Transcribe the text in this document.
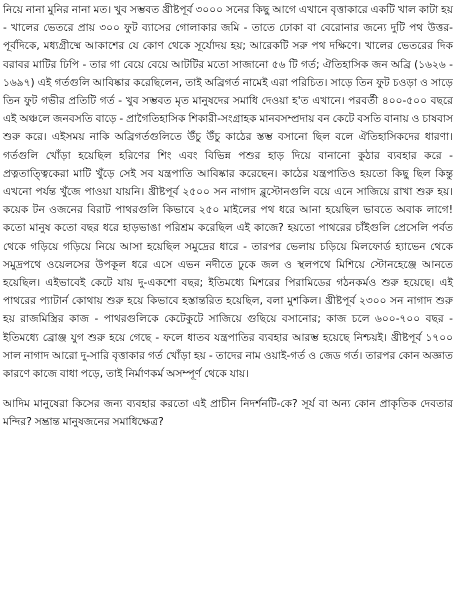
নিয়ে নানা মুনির নানা মত। খুব সম্ভবত খ্রীষ্টপূর্ব ৩০০০ সনের কিছু আগে এখানে বৃত্তাকারে একটি খাল কাটা হয় - খালের ভেতরে প্রায় ৩০০ ফুট ব্যাসের গোলাকার জমি - তাতে ঢোকা বা বেরোনার জন্যে দুটি পথ উত্তর-পূর্বদিকে, মধ্যগ্রীষ্মে আকাশের যে কোণ থেকে সূর্যোদয় হয়; আরেকটি সরু পথ দক্ষিণে। খালের ভেতরের দিক বরাবর মাটির ঢিপি - তার গা বেয়ে বেয়ে আটটির মতো সাজানো ৫৬ টি গর্ত; ঐতিহাসিক জন অব্রি (১৬২৬ - ১৬৯৭) এই গর্তগুলি আবিষ্কার করেছিলেন, তাই অব্রিগর্ত নামেই এরা পরিচিত। সাড়ে তিন ফুট চওড়া ও সাড়ে তিন ফুট গভীর প্রতিটি গর্ত - খুব সম্ভবত মৃত মানুষদের সমাধি দেওয়া হ'ত এখানে। পরবর্তী ৪০০-৫০০ বছরে এই অঞ্চলে জনবসতি বাড়ে - প্রাগৈতিহাসিক শিকারী-সংগ্রাহক মানবসম্প্রদায় বন কেটে বসতি বানায় ও চাষবাস শুরু করে। এইসময় নাকি অব্রিগর্তগুলিতে উঁচু উঁচু কাঠের স্তম্ভ বসানো ছিল বলে ঐতিহাসিকদের ধারণা। গর্তগুলি খোঁড়া হয়েছিল হরিণের শিং এবং বিভিন্ন পশুর হাড় দিয়ে বানানো কুঠার ব্যবহার করে - প্রত্নতাত্ত্বিকেরা মাটি খুঁড়ে সেই সব যন্ত্রপাতি আবিষ্কার করেছেন। কাঠের যন্ত্রপাতিও হয়তো কিছু ছিল কিন্তু এখনো পর্যন্ত খুঁজে পাওয়া যায়নি। খ্রীষ্টপূর্ব ২৫০০ সন নাগাদ ব্লুস্টোনগুলি বয়ে এনে সাজিয়ে রাখা শুরু হয়। কয়েক টন ওজনের বিরাট পাথরগুলি কিভাবে ২৫০ মাইলের পথ ধরে আনা হয়েছিল ভাবতে অবাক লাগে! কতো মানুষ কতো বছর ধরে হাড়ভাঙা পরিশ্রম করেছিল এই কাজে? হয়তো পাথরের চাঁইগুলি প্রেসেলি পর্বত থেকে গড়িয়ে গড়িয়ে নিয়ে আসা হয়েছিল সমুদ্রের ধারে - তারপর ভেলায় চড়িয়ে মিলফোর্ড হ্যাভেন থেকে সমুদ্রপথে ওয়েলসের উপকূল ধরে এসে এভন নদীতে ঢুকে জল ও স্থলপথে মিশিয়ে স্টোনহেঞ্জে আনতে হয়েছিল। এইভাবেই কেটে যায় দু-একশো বছর; ইতিমধ্যে মিশরের পিরামিডের গঠনকর্মও শুরু হয়েছে। এই পাথরের প্যাটার্ন কোথায় শুরু হয়ে কিভাবে হস্তান্তরিত হয়েছিল, বলা মুশকিল। খ্রীষ্টপূর্ব ২৩০০ সন নাগাদ শুরু হয় রাজমিস্ত্রির কাজ - পাথরগুলিকে কেটেকুটে সাজিয়ে গুছিয়ে বসানোর; কাজ চলে ৬০০-৭০০ বছর - ইতিমধ্যে ব্রোঞ্জ যুগ শুরু হয়ে গেছে - ফলে ধাতব যন্ত্রপাতির ব্যবহার আরম্ভ হয়েছে নিশ্চয়ই। খ্রীষ্টপূর্ব ১৭০০ সাল নাগাদ আরো দু-সারি বৃত্তাকার গর্ত খোঁড়া হয় - তাদের নাম ওয়াই-গর্ত ও জেড গর্ত। তারপর কোন অজ্ঞাত কারণে কাজে বাধা পড়ে, তাই নির্মাণকর্ম অসম্পূর্ণ থেকে যায়।

আদিম মানুষেরা কিসের জন্য ব্যবহার করতো এই প্রাচীন নিদর্শনটি-কে? সূর্য বা অন্য কোন প্রাকৃতিক দেবতার মন্দির? সম্ভ্রান্ত মানুষজনের সমাধিক্ষেত্র?
